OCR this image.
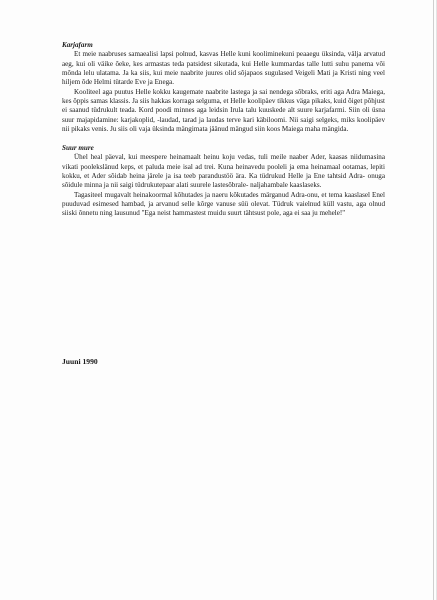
Karjafarm

Et meie naabruses samaealisi lapsi polnud, kasvas Helle kuni kooliminekuni peaaegu üksinda, välja arvatud aeg, kui oli väike õeke, kes armastas teda patsidest sikutada, kui Helle kummardas talle lutti suhu panema või mõnda lelu ulatama. Ja ka siis, kui meie naabrite juures olid sõjapaos sugulased Veigeli Mati ja Kristi ning veel hiljem õde Helmi tütarde Eve ja Enega.

Kooliteel aga puutus Helle kokku kaugemate naabrite lastega ja sai nendega sõbraks, eriti aga Adra Maiega, kes õppis samas klassis. Ja siis hakkas korraga selguma, et Helle koolipäev tikkus väga pikaks, kuid õiget põhjust ei saanud tüdrukult teada. Kord poodi minnes aga leidsin Irula talu kuuskede alt suure karjafarmi. Siin oli üsna suur majapidamine: karjakoplid, -laudad, tarad ja laudas terve kari käbiloomi. Nii saigi selgeks, miks koolipäev nii pikaks venis. Ju siis oli vaja üksinda mängimata jäänud mängud siin koos Maiega maha mängida.

Suur mure

Ühel heal päeval, kui meespere heinamaalt heinu koju vedas, tuli meile naaber Ader, kaasas niidumasina vikati poolekslänud keps, et paluda meie isal ad trei. Kuna heinavedu pooleli ja ema heinamaal ootamas, lepiti kokku, et Ader sõidab heina järele ja isa teeb parandustöö ära. Ka tüdrukud Helle ja Ene tahtsid Adra- onuga sõidule minna ja nii saigi tüdrukutepaar alati suurele lastesõbrale- naljahambale kaaslaseks.

Tagasiteel mugavalt heinakoormal kõhutades ja naeru kõkutades märganud Adra-onu, et tema kaaslasel Enel puuduvad esimesed hambad, ja arvanud selle kõrge vanuse süü olevat. Tüdruk vaielnud küll vastu, aga olnud siiski õnnetu ning lausunud "Ega neist hammastest muidu suurt tähtsust pole, aga ei saa ju mehele!"

Juuni 1990
